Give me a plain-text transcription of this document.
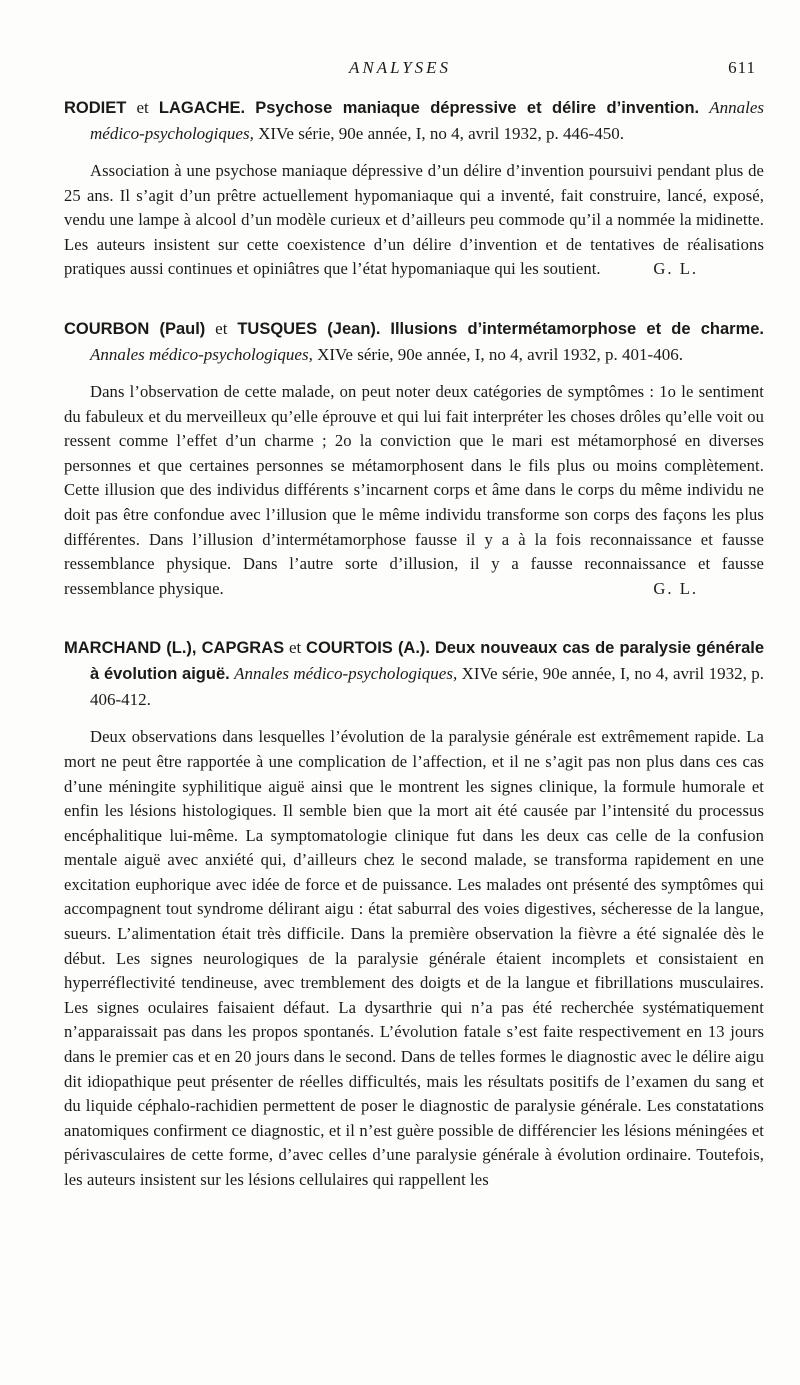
ANALYSES	611

RODIET et LAGACHE. Psychose maniaque dépressive et délire d’invention. Annales médico-psychologiques, XIVe série, 90e année, I, no 4, avril 1932, p. 446-450.

Association à une psychose maniaque dépressive d’un délire d’invention poursuivi pendant plus de 25 ans. Il s’agit d’un prêtre actuellement hypomaniaque qui a inventé, fait construire, lancé, exposé, vendu une lampe à alcool d’un modèle curieux et d’ailleurs peu commode qu’il a nommée la midinette. Les auteurs insistent sur cette coexistence d’un délire d’invention et de tentatives de réalisations pratiques aussi continues et opiniâtres que l’état hypomaniaque qui les soutient.	G. L.

COURBON (Paul) et TUSQUES (Jean). Illusions d’intermétamorphose et de charme. Annales médico-psychologiques, XIVe série, 90e année, I, no 4, avril 1932, p. 401-406.

Dans l’observation de cette malade, on peut noter deux catégories de symptômes : 1o le sentiment du fabuleux et du merveilleux qu’elle éprouve et qui lui fait interpréter les choses drôles qu’elle voit ou ressent comme l’effet d’un charme ; 2o la conviction que le mari est métamorphosé en diverses personnes et que certaines personnes se métamorphosent dans le fils plus ou moins complètement. Cette illusion que des individus différents s’incarnent corps et âme dans le corps du même individu ne doit pas être confondue avec l’illusion que le même individu transforme son corps des façons les plus différentes. Dans l’illusion d’intermétamorphose fausse il y a à la fois reconnaissance et fausse ressemblance physique. Dans l’autre sorte d’illusion, il y a fausse reconnaissance et fausse ressemblance physique.	G. L.

MARCHAND (L.), CAPGRAS et COURTOIS (A.). Deux nouveaux cas de paralysie générale à évolution aiguë. Annales médico-psychologiques, XIVe série, 90e année, I, no 4, avril 1932, p. 406-412.

Deux observations dans lesquelles l’évolution de la paralysie générale est extrêmement rapide. La mort ne peut être rapportée à une complication de l’affection, et il ne s’agit pas non plus dans ces cas d’une méningite syphilitique aiguë ainsi que le montrent les signes clinique, la formule humorale et enfin les lésions histologiques. Il semble bien que la mort ait été causée par l’intensité du processus encéphalitique lui-même. La symptomatologie clinique fut dans les deux cas celle de la confusion mentale aiguë avec anxiété qui, d’ailleurs chez le second malade, se transforma rapidement en une excitation euphorique avec idée de force et de puissance. Les malades ont présenté des symptômes qui accompagnent tout syndrome délirant aigu : état saburral des voies digestives, sécheresse de la langue, sueurs. L’alimentation était très difficile. Dans la première observation la fièvre a été signalée dès le début. Les signes neurologiques de la paralysie générale étaient incomplets et consistaient en hyperréflectivité tendineuse, avec tremblement des doigts et de la langue et fibrillations musculaires. Les signes oculaires faisaient défaut. La dysarthrie qui n’a pas été recherchée systématiquement n’apparaissait pas dans les propos spontanés. L’évolution fatale s’est faite respectivement en 13 jours dans le premier cas et en 20 jours dans le second. Dans de telles formes le diagnostic avec le délire aigu dit idiopathique peut présenter de réelles difficultés, mais les résultats positifs de l’examen du sang et du liquide céphalo-rachidien permettent de poser le diagnostic de paralysie générale. Les constatations anatomiques confirment ce diagnostic, et il n’est guère possible de différencier les lésions méningées et périvasculaires de cette forme, d’avec celles d’une paralysie générale à évolution ordinaire. Toutefois, les auteurs insistent sur les lésions cellulaires qui rappellent les
